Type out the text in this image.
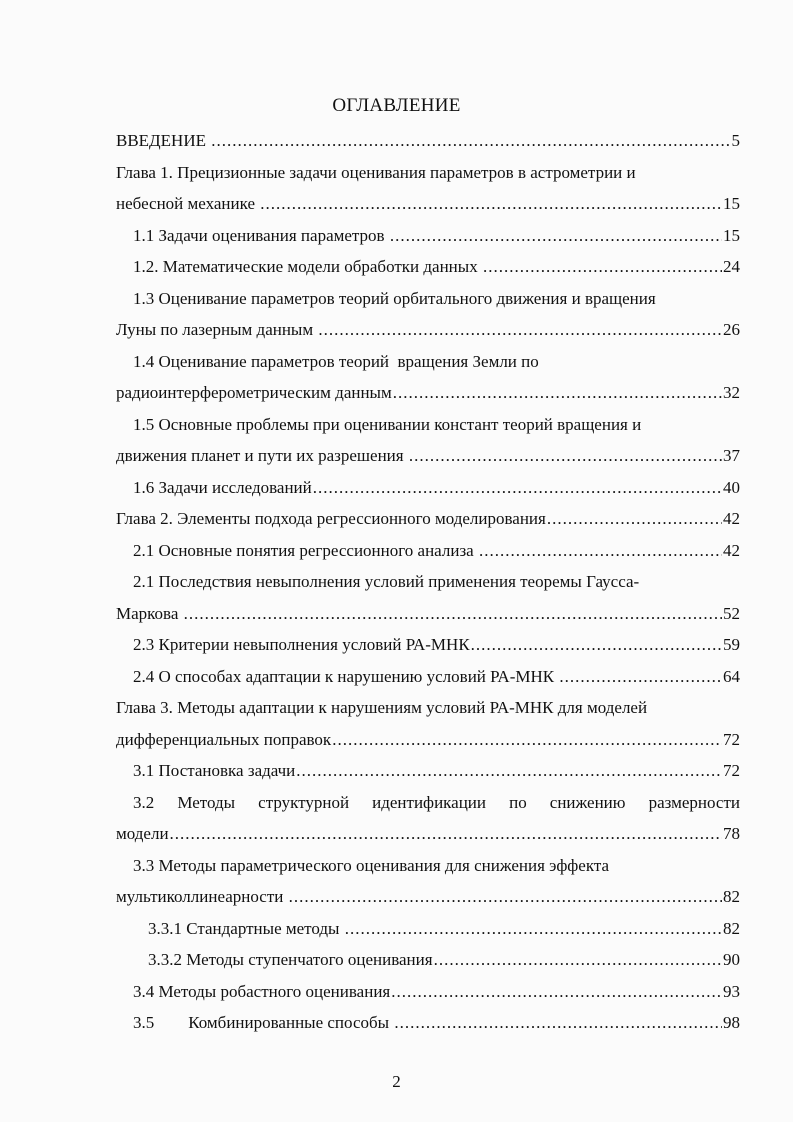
ОГЛАВЛЕНИЕ
ВВЕДЕНИЕ .....	5
Глава 1. Прецизионные задачи оценивания параметров в астрометрии и
небесной механике .....	15
1.1 Задачи оценивания параметров .....	15
1.2. Математические модели обработки данных .....	24
1.3 Оценивание параметров теорий орбитального движения и вращения
Луны по лазерным данным .....	26
1.4 Оценивание параметров теорий  вращения Земли по
радиоинтерферометрическим данным .....	32
1.5 Основные проблемы при оценивании констант теорий вращения и
движения планет и пути их разрешения .....	37
1.6 Задачи исследований .....	40
Глава 2. Элементы подхода регрессионного моделирования .....	42
2.1 Основные понятия регрессионного анализа .....	42
2.1 Последствия невыполнения условий применения теоремы Гаусса-
Маркова .....	52
2.3 Критерии невыполнения условий РА-МНК .....	59
2.4 О способах адаптации к нарушению условий РА-МНК .....	64
Глава 3. Методы адаптации к нарушениям условий РА-МНК для моделей
дифференциальных поправок .....	72
3.1 Постановка задачи .....	72
3.2 Методы структурной идентификации по снижению размерности
модели .....	78
3.3 Методы параметрического оценивания для снижения эффекта
мультиколлинеарности .....	82
3.3.1 Стандартные методы .....	82
3.3.2 Методы ступенчатого оценивания .....	90
3.4 Методы робастного оценивания .....	93
3.5        Комбинированные способы .....	98
2
